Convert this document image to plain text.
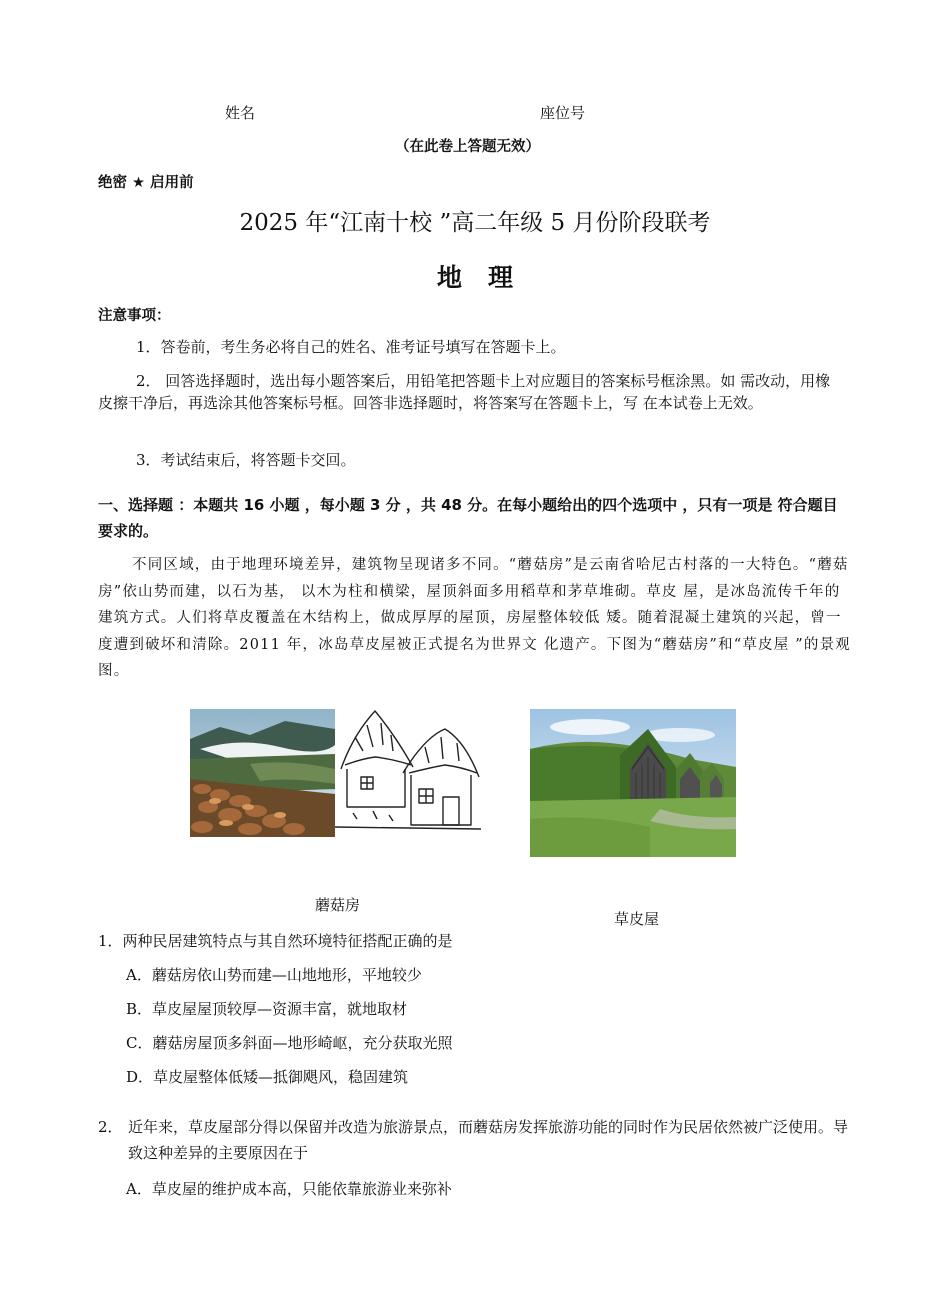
姓名	座位号
（在此卷上答题无效）
绝密 ★ 启用前
2025 年“江南十校 ”高二年级 5 月份阶段联考
地理
注意事项：
1．答卷前，考生务必将自己的姓名、准考证号填写在答题卡上。
2． 回答选择题时，选出每小题答案后，用铅笔把答题卡上对应题目的答案标号框涂黑。如 需改动，用橡皮擦干净后，再选涂其他答案标号框。回答非选择题时，将答案写在答题卡上，写 在本试卷上无效。
3．考试结束后，将答题卡交回。
一、选择题 ：本题共 16 小题 ，每小题 3 分 ，共 48 分。在每小题给出的四个选项中 ，只有一项是 符合题目要求的。
不同区域，由于地理环境差异，建筑物呈现诸多不同。“蘑菇房”是云南省哈尼古村落的一大特色。“蘑菇房”依山势而建，以石为基， 以木为柱和横梁，屋顶斜面多用稻草和茅草堆砌。草皮 屋，是冰岛流传千年的建筑方式。人们将草皮覆盖在木结构上，做成厚厚的屋顶，房屋整体较低 矮。随着混凝土建筑的兴起，曾一度遭到破坏和清除。2011 年，冰岛草皮屋被正式提名为世界文 化遗产。下图为“蘑菇房”和“草皮屋 ”的景观图。
蘑菇房
草皮屋
1．两种民居建筑特点与其自然环境特征搭配正确的是
A．蘑菇房依山势而建—山地地形，平地较少
B．草皮屋屋顶较厚—资源丰富，就地取材
C．蘑菇房屋顶多斜面—地形崎岖，充分获取光照
D．草皮屋整体低矮—抵御飓风，稳固建筑
2． 近年来，草皮屋部分得以保留并改造为旅游景点，而蘑菇房发挥旅游功能的同时作为民居依然被广泛使用。导致这种差异的主要原因在于
A．草皮屋的维护成本高，只能依靠旅游业来弥补
